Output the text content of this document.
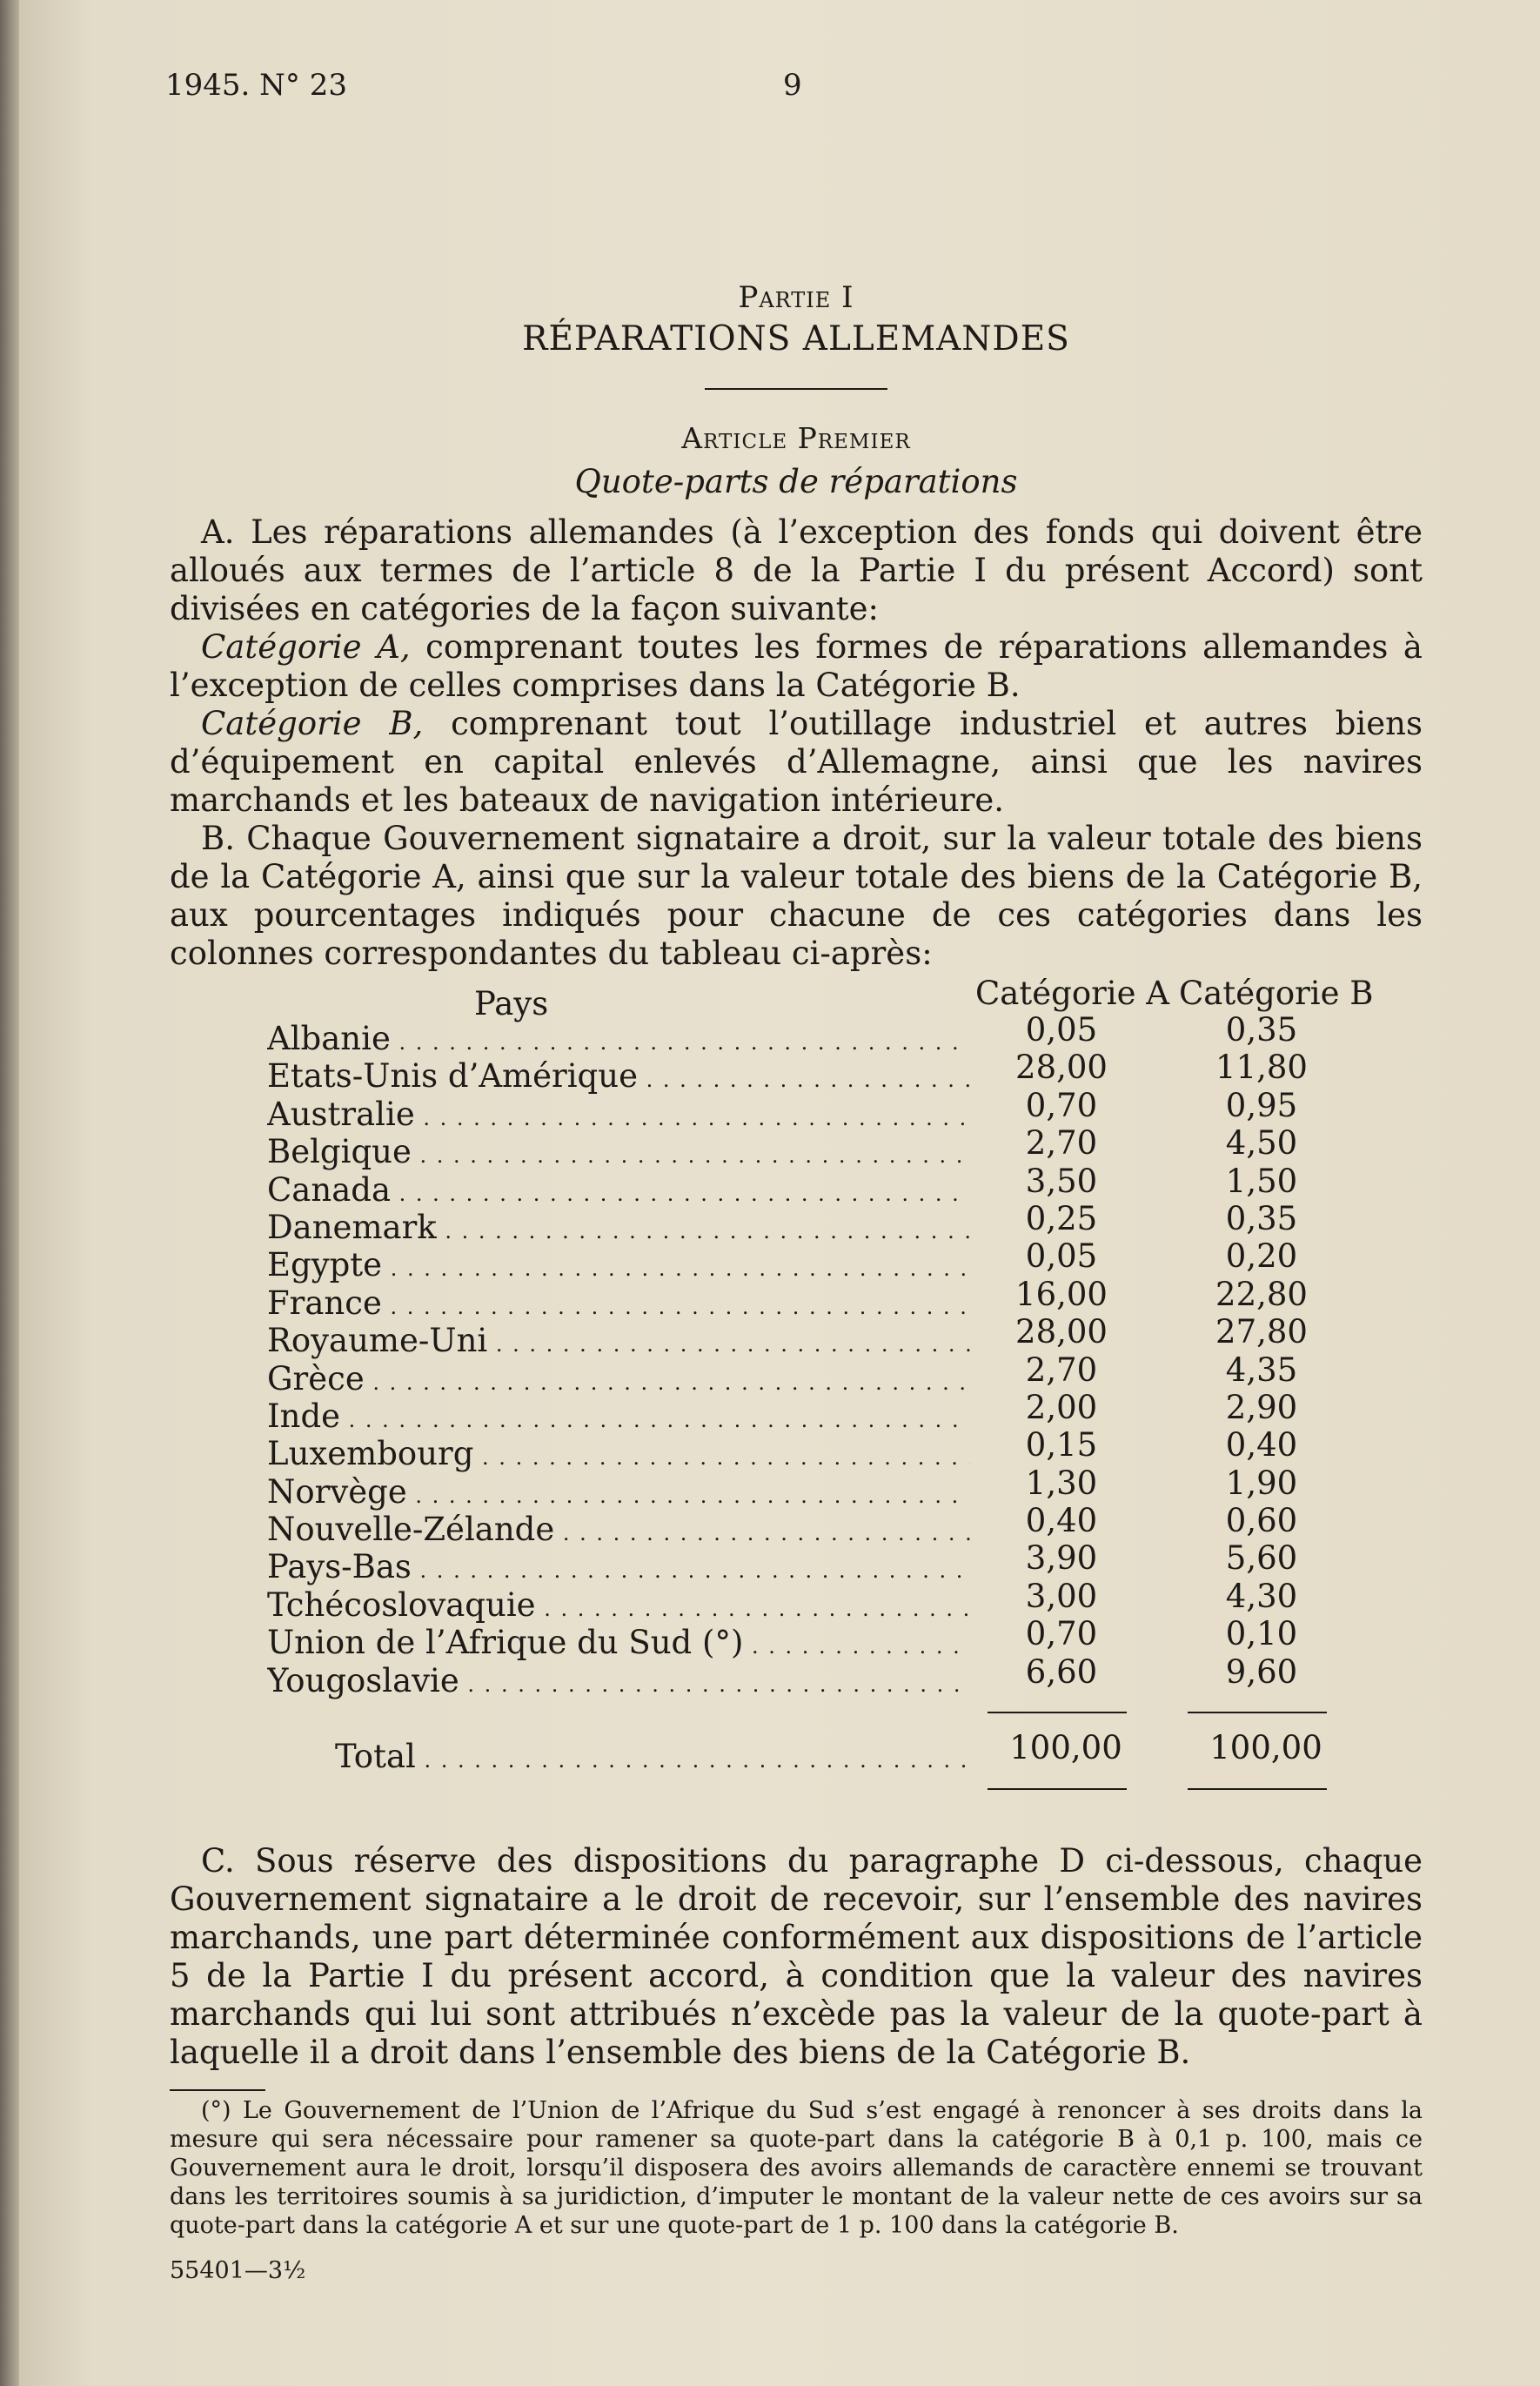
1945. N° 23	9
Partie I
RÉPARATIONS ALLEMANDES
Article Premier
Quote-parts de réparations

A. Les réparations allemandes (à l’exception des fonds qui doivent être alloués aux termes de l’article 8 de la Partie I du présent Accord) sont divisées en catégories de la façon suivante:

Catégorie A, comprenant toutes les formes de réparations allemandes à l’exception de celles comprises dans la Catégorie B.

Catégorie B, comprenant tout l’outillage industriel et autres biens d’équipement en capital enlevés d’Allemagne, ainsi que les navires marchands et les bateaux de navigation intérieure.

B. Chaque Gouvernement signataire a droit, sur la valeur totale des biens de la Catégorie A, ainsi que sur la valeur totale des biens de la Catégorie B, aux pourcentages indiqués pour chacune de ces catégories dans les colonnes correspondantes du tableau ci-après:

Pays	Catégorie A Catégorie B
Albanie . . .	0,05	0,35
Etats-Unis d’Amérique . . .	28,00	11,80
Australie . . .	0,70	0,95
Belgique . . .	2,70	4,50
Canada . . .	3,50	1,50
Danemark . . .	0,25	0,35
Egypte . . .	0,05	0,20
France . . .	16,00	22,80
Royaume-Uni . . .	28,00	27,80
Grèce . . .	2,70	4,35
Inde . . .	2,00	2,90
Luxembourg . . .	0,15	0,40
Norvège . . .	1,30	1,90
Nouvelle-Zélande . . .	0,40	0,60
Pays-Bas . . .	3,90	5,60
Tchécoslovaquie . . .	3,00	4,30
Union de l’Afrique du Sud (°) . . .	0,70	0,10
Yougoslavie . . .	6,60	9,60
Total . . .	100,00	100,00

C. Sous réserve des dispositions du paragraphe D ci-dessous, chaque Gouvernement signataire a le droit de recevoir, sur l’ensemble des navires marchands, une part déterminée conformément aux dispositions de l’article 5 de la Partie I du présent accord, à condition que la valeur des navires marchands qui lui sont attribués n’excède pas la valeur de la quote-part à laquelle il a droit dans l’ensemble des biens de la Catégorie B.

(°) Le Gouvernement de l’Union de l’Afrique du Sud s’est engagé à renoncer à ses droits dans la mesure qui sera nécessaire pour ramener sa quote-part dans la catégorie B à 0,1 p. 100, mais ce Gouvernement aura le droit, lorsqu’il disposera des avoirs allemands de caractère ennemi se trouvant dans les territoires soumis à sa juridiction, d’imputer le montant de la valeur nette de ces avoirs sur sa quote-part dans la catégorie A et sur une quote-part de 1 p. 100 dans la catégorie B.
55401—3½
